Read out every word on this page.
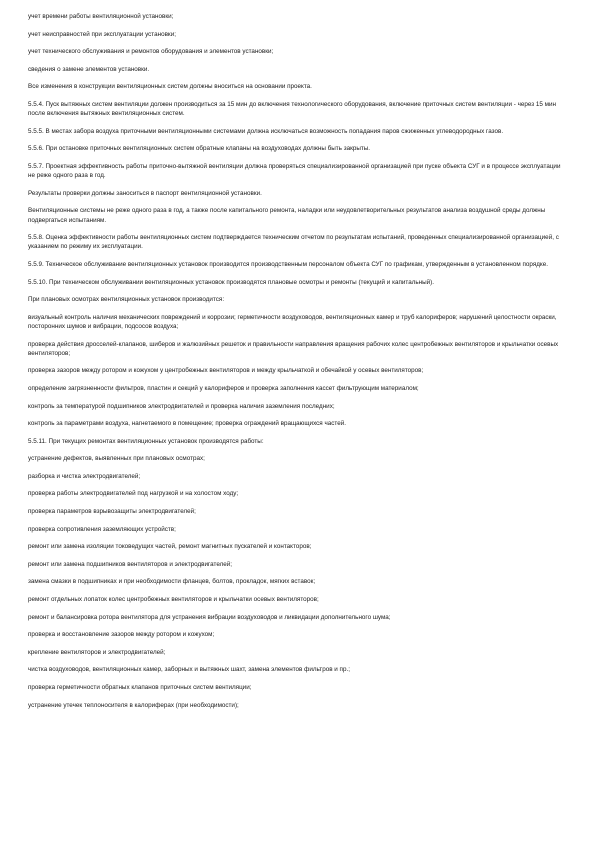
учет времени работы вентиляционной установки;

учет неисправностей при эксплуатации установки;

учет технического обслуживания и ремонтов оборудования и элементов установки;

сведения о замене элементов установки.

Все изменения в конструкции вентиляционных систем должны вноситься на основании проекта.

5.5.4. Пуск вытяжных систем вентиляции должен производиться за 15 мин до включения технологического оборудования, включение приточных систем вентиляции - через 15 мин после включения вытяжных вентиляционных систем.

5.5.5. В местах забора воздуха приточными вентиляционными системами должна исключаться возможность попадания паров сжиженных углеводородных газов.

5.5.6. При остановке приточных вентиляционных систем обратные клапаны на воздуховодах должны быть закрыты.

5.5.7. Проектная эффективность работы приточно-вытяжной вентиляции должна проверяться специализированной организацией при пуске объекта СУГ и в процессе эксплуатации не реже одного раза в год.

Результаты проверки должны заноситься в паспорт вентиляционной установки.

Вентиляционные системы не реже одного раза в год, а также после капитального ремонта, наладки или неудовлетворительных результатов анализа воздушной среды должны подвергаться испытаниям.

5.5.8. Оценка эффективности работы вентиляционных систем подтверждается техническим отчетом по результатам испытаний, проведенных специализированной организацией, с указанием по режиму их эксплуатации.

5.5.9. Техническое обслуживание вентиляционных установок производится производственным персоналом объекта СУГ по графикам, утвержденным в установленном порядке.

5.5.10. При техническом обслуживании вентиляционных установок производятся плановые осмотры и ремонты (текущий и капитальный).

При плановых осмотрах вентиляционных установок производится:

визуальный контроль наличия механических повреждений и коррозии; герметичности воздуховодов, вентиляционных камер и труб калориферов; нарушений целостности окраски, посторонних шумов и вибрации, подсосов воздуха;

проверка действия дросселей-клапанов, шиберов и жалюзийных решеток и правильности направления вращения рабочих колес центробежных вентиляторов и крыльчатки осевых вентиляторов;

проверка зазоров между ротором и кожухом у центробежных вентиляторов и между крыльчаткой и обечайкой у осевых вентиляторов;

определение загрязненности фильтров, пластин и секций у калориферов и проверка заполнения кассет фильтрующим материалом;

контроль за температурой подшипников электродвигателей и проверка наличия заземления последних;

контроль за параметрами воздуха, нагнетаемого в помещение; проверка ограждений вращающихся частей.

5.5.11. При текущих ремонтах вентиляционных установок производятся работы:

устранение дефектов, выявленных при плановых осмотрах;

разборка и чистка электродвигателей;

проверка работы электродвигателей под нагрузкой и на холостом ходу;

проверка параметров взрывозащиты электродвигателей;

проверка сопротивления заземляющих устройств;

ремонт или замена изоляции токоведущих частей, ремонт магнитных пускателей и контакторов;

ремонт или замена подшипников вентиляторов и электродвигателей;

замена смазки в подшипниках и при необходимости фланцев, болтов, прокладок, мягких вставок;

ремонт отдельных лопаток колес центробежных вентиляторов и крыльчатки осевых вентиляторов;

ремонт и балансировка ротора вентилятора для устранения вибрации воздуховодов и ликвидации дополнительного шума;

проверка и восстановление зазоров между ротором и кожухом;

крепление вентиляторов и электродвигателей;

чистка воздуховодов, вентиляционных камер, заборных и вытяжных шахт, замена элементов фильтров и пр.;

проверка герметичности обратных клапанов приточных систем вентиляции;

устранение утечек теплоносителя в калориферах (при необходимости);
